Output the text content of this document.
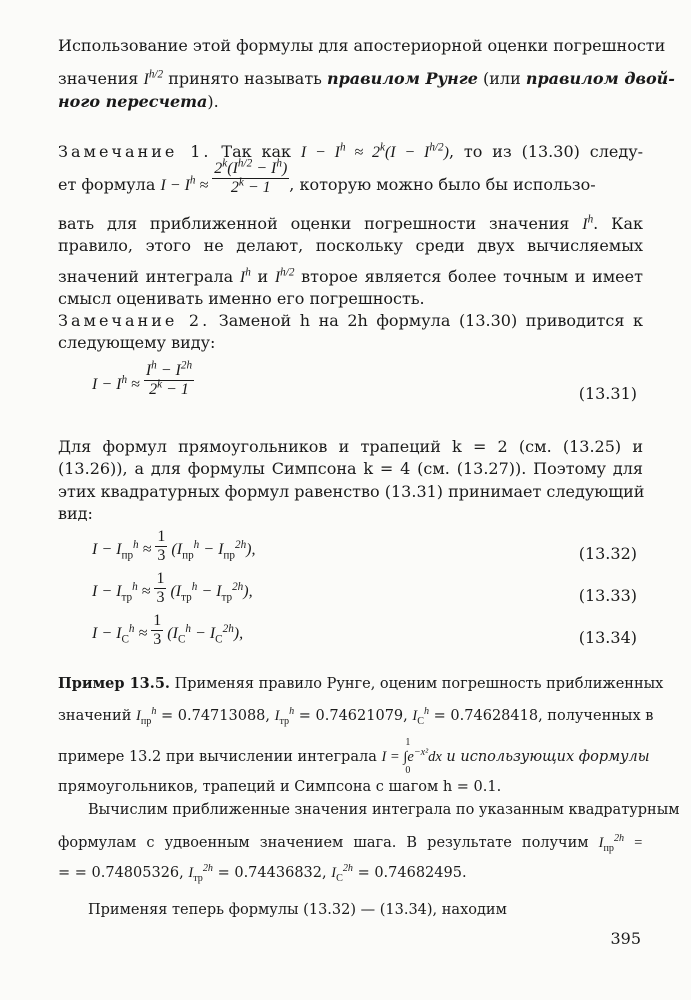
Использование этой формулы для апостериорной оценки погрешности
значения $I^{h/2}$ принято называть правилом Рунге (или правилом двой-
ного пересчета).
Замечание 1. Так как $I - I^h \approx 2^k(I - I^{h/2})$, то из (13.30) следу-
ет формула $I - I^h \approx \frac{2^k(I^{h/2} - I^h)}{2^k - 1}$ , которую можно было бы использо-
вать для приближенной оценки погрешности значения $I^h$. Как
правило, этого не делают, поскольку среди двух вычисляемых
значений интеграла $I^h$ и $I^{h/2}$ второе является более точным и имеет
смысл оценивать именно его погрешность.
Замечание 2. Заменой h на 2h формула (13.30) приводится к
следующему виду:
$I - I^h \approx \frac{I^h - I^{2h}}{2^k - 1}$	(13.31)
Для формул прямоугольников и трапеций k = 2 (см. (13.25) и
(13.26)), а для формулы Симпсона k = 4 (см. (13.27)). Поэтому для
этих квадратурных формул равенство (13.31) принимает следующий
вид:
$I - I_{пр}^h \approx \frac{1}{3} (I_{пр}^h - I_{пр}^{2h})$,	(13.32)
$I - I_{тр}^h \approx \frac{1}{3} (I_{тр}^h - I_{тр}^{2h})$,	(13.33)
$I - I_C^h \approx \frac{1}{3} (I_C^h - I_C^{2h})$,	(13.34)
Пример 13.5. Применяя правило Рунге, оценим погрешность приближенных
значений $I_{пр}^h = 0.74713088$, $I_{тр}^h = 0.74621079$, $I_C^h = 0.74628418$, полученных в
примере 13.2 при вычислении интеграла I = ∫
1
0
$e^{-x^2}dx$ и использующих формулы
прямоугольников, трапеций и Симпсона с шагом h = 0.1.
Вычислим приближенные значения интеграла по указанным квадратурным
формулам с удвоенным значением шага. В результате получим $I_{пр}^{2h}$ =
= = 0.74805326, $I_{тр}^{2h} = 0.74436832$, $I_C^{2h} = 0.74682495$.
Применяя теперь формулы (13.32) — (13.34), находим
395
